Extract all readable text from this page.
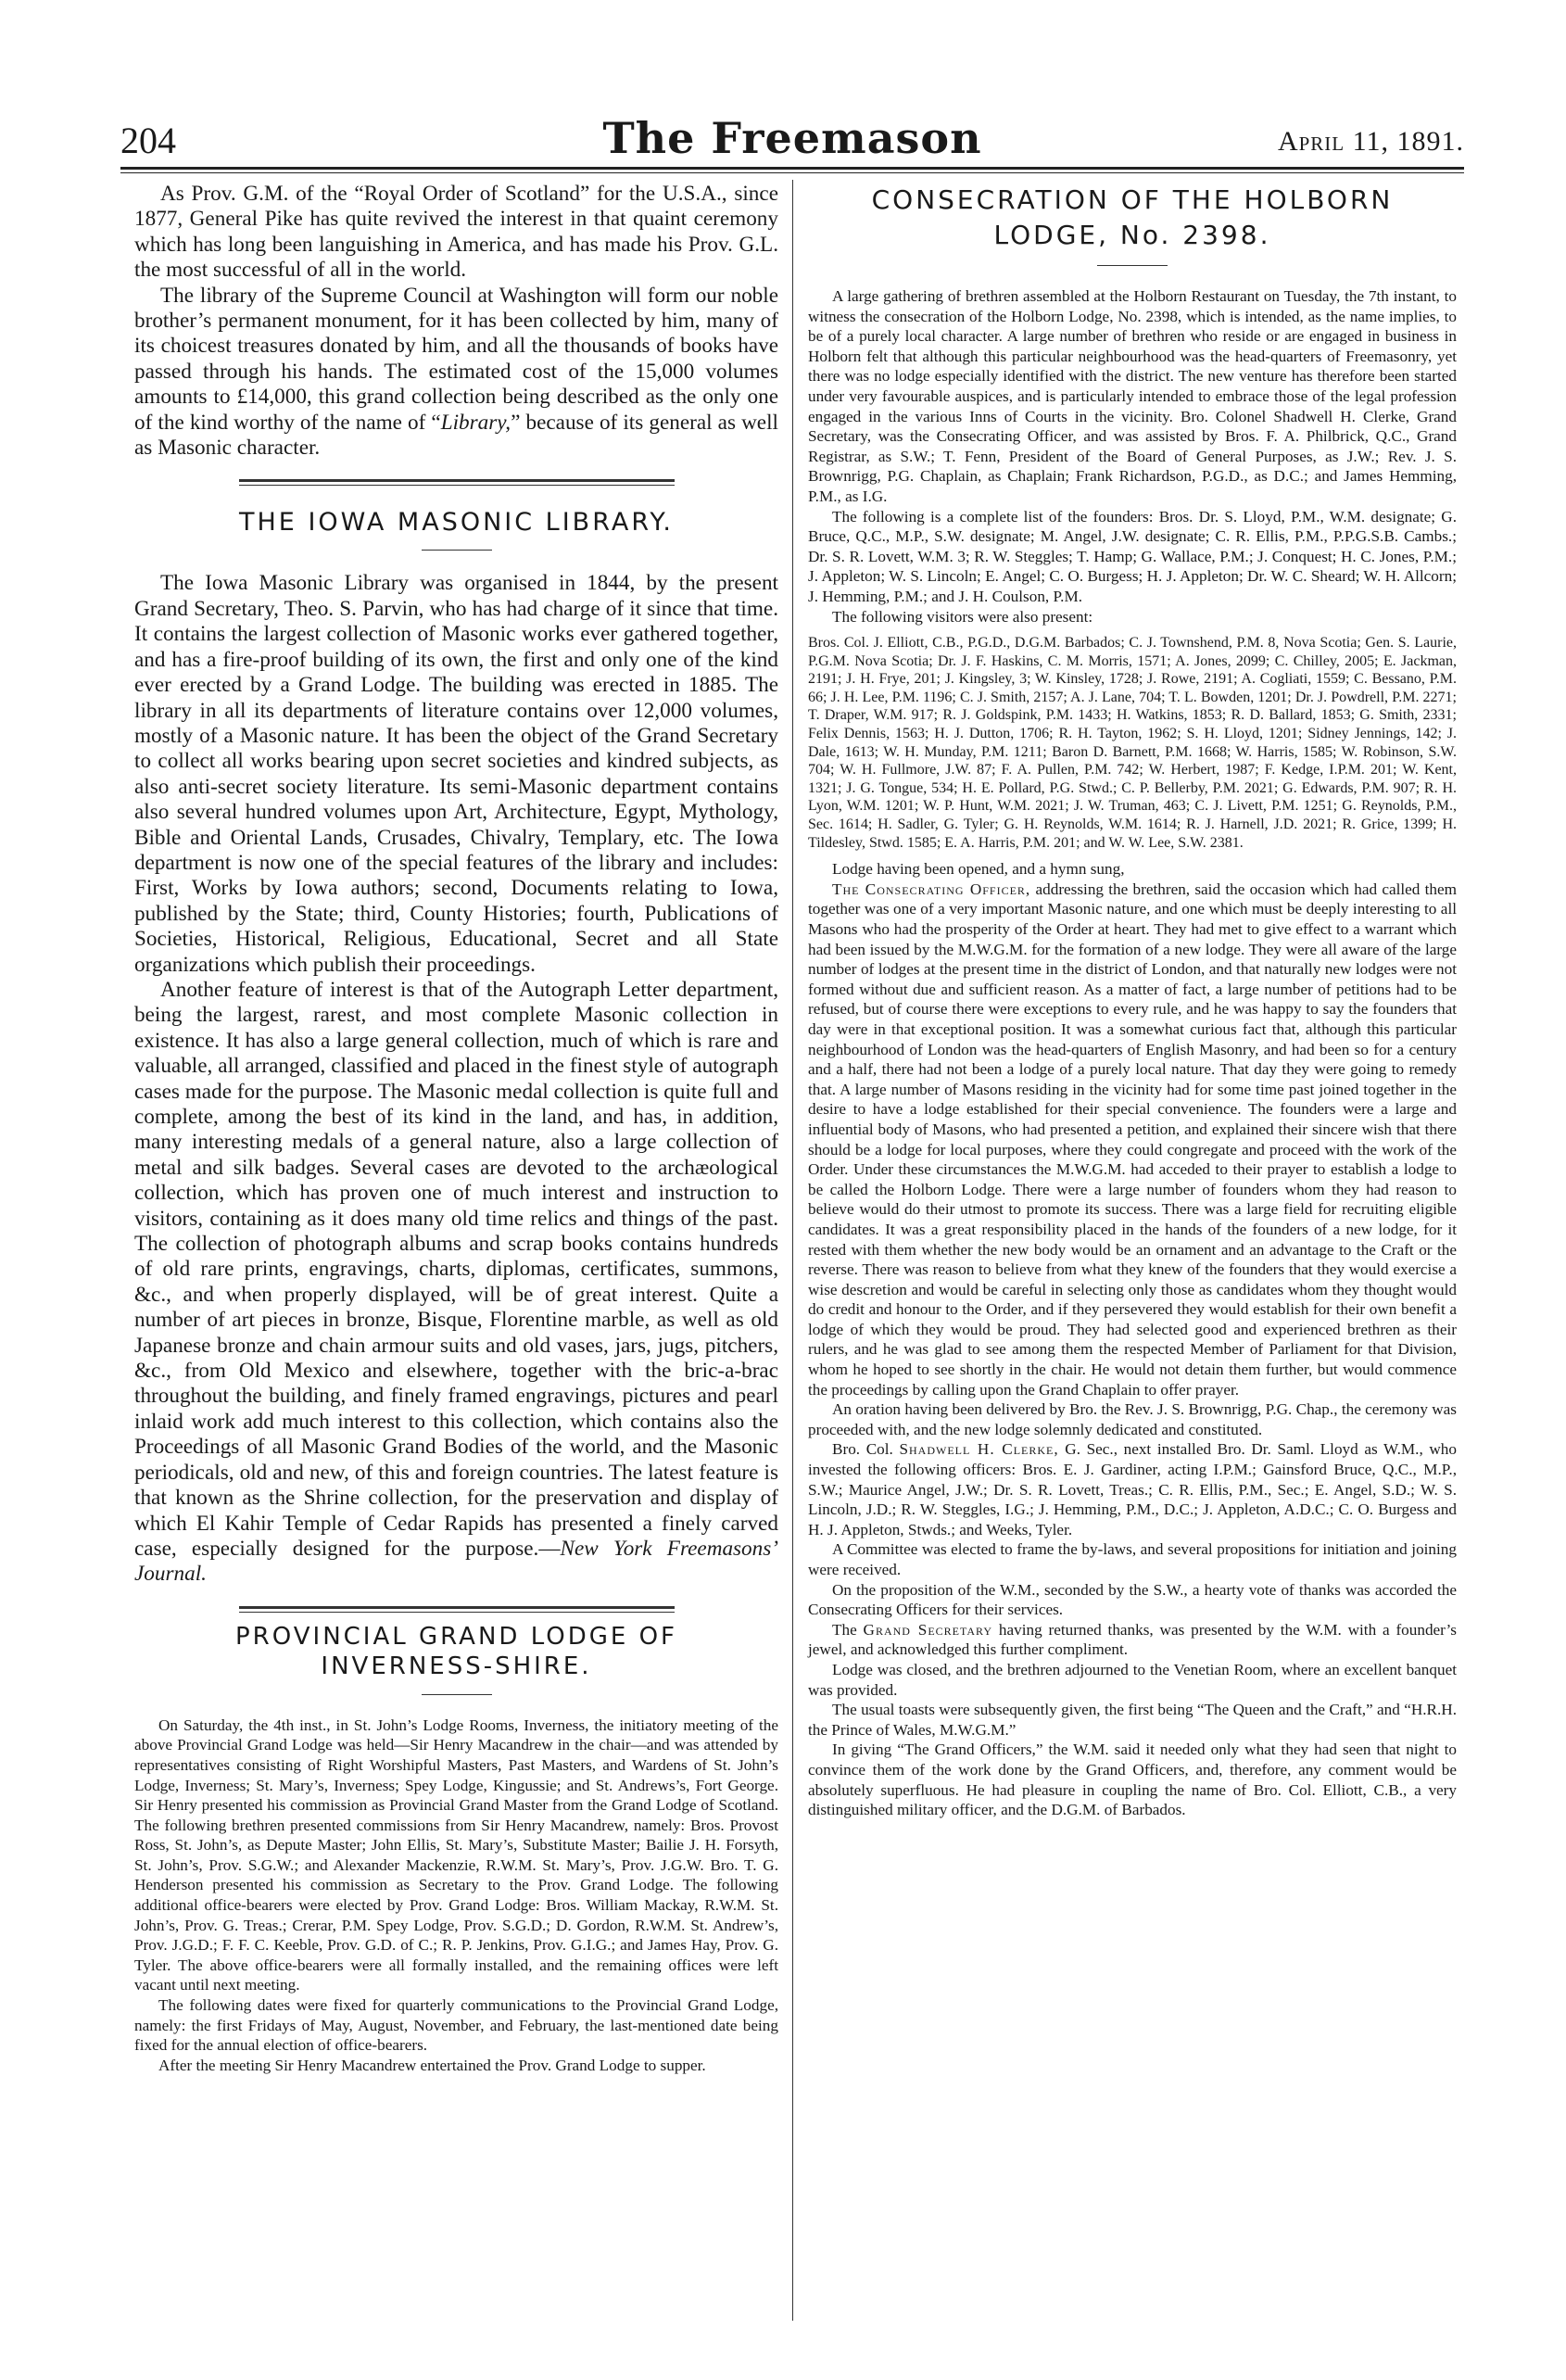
204	The Freemason	April 11, 1891.

As Prov. G.M. of the “Royal Order of Scotland” for the U.S.A., since 1877, General Pike has quite revived the interest in that quaint ceremony which has long been languishing in America, and has made his Prov. G.L. the most successful of all in the world.

The library of the Supreme Council at Washington will form our noble brother’s permanent monument, for it has been collected by him, many of its choicest treasures donated by him, and all the thousands of books have passed through his hands. The estimated cost of the 15,000 volumes amounts to £14,000, this grand collection being described as the only one of the kind worthy of the name of “Library,” because of its general as well as Masonic character.

THE IOWA MASONIC LIBRARY.

The Iowa Masonic Library was organised in 1844, by the present Grand Secretary, Theo. S. Parvin, who has had charge of it since that time. It contains the largest collection of Masonic works ever gathered together, and has a fire-proof building of its own, the first and only one of the kind ever erected by a Grand Lodge. The building was erected in 1885. The library in all its departments of literature contains over 12,000 volumes, mostly of a Masonic nature. It has been the object of the Grand Secretary to collect all works bearing upon secret societies and kindred subjects, as also anti-secret society literature. Its semi-Masonic department contains also several hundred volumes upon Art, Architecture, Egypt, Mythology, Bible and Oriental Lands, Crusades, Chivalry, Templary, etc. The Iowa department is now one of the special features of the library and includes: First, Works by Iowa authors; second, Documents relating to Iowa, published by the State; third, County Histories; fourth, Publications of Societies, Historical, Religious, Educational, Secret and all State organizations which publish their proceedings.

Another feature of interest is that of the Autograph Letter department, being the largest, rarest, and most complete Masonic collection in existence. It has also a large general collection, much of which is rare and valuable, all arranged, classified and placed in the finest style of autograph cases made for the purpose. The Masonic medal collection is quite full and complete, among the best of its kind in the land, and has, in addition, many interesting medals of a general nature, also a large collection of metal and silk badges. Several cases are devoted to the archæological collection, which has proven one of much interest and instruction to visitors, containing as it does many old time relics and things of the past. The collection of photograph albums and scrap books contains hundreds of old rare prints, engravings, charts, diplomas, certificates, summons, &c., and when properly displayed, will be of great interest. Quite a number of art pieces in bronze, Bisque, Florentine marble, as well as old Japanese bronze and chain armour suits and old vases, jars, jugs, pitchers, &c., from Old Mexico and elsewhere, together with the bric-a-brac throughout the building, and finely framed engravings, pictures and pearl inlaid work add much interest to this collection, which contains also the Proceedings of all Masonic Grand Bodies of the world, and the Masonic periodicals, old and new, of this and foreign countries. The latest feature is that known as the Shrine collection, for the preservation and display of which El Kahir Temple of Cedar Rapids has presented a finely carved case, especially designed for the purpose.—New York Freemasons’ Journal.

PROVINCIAL GRAND LODGE OF
INVERNESS-SHIRE.

On Saturday, the 4th inst., in St. John’s Lodge Rooms, Inverness, the initiatory meeting of the above Provincial Grand Lodge was held—Sir Henry Macandrew in the chair—and was attended by representatives consisting of Right Worshipful Masters, Past Masters, and Wardens of St. John’s Lodge, Inverness; St. Mary’s, Inverness; Spey Lodge, Kingussie; and St. Andrews’s, Fort George. Sir Henry presented his commission as Provincial Grand Master from the Grand Lodge of Scotland. The following brethren presented commissions from Sir Henry Macandrew, namely: Bros. Provost Ross, St. John’s, as Depute Master; John Ellis, St. Mary’s, Substitute Master; Bailie J. H. Forsyth, St. John’s, Prov. S.G.W.; and Alexander Mackenzie, R.W.M. St. Mary’s, Prov. J.G.W. Bro. T. G. Henderson presented his commission as Secretary to the Prov. Grand Lodge. The following additional office-bearers were elected by Prov. Grand Lodge: Bros. William Mackay, R.W.M. St. John’s, Prov. G. Treas.; Crerar, P.M. Spey Lodge, Prov. S.G.D.; D. Gordon, R.W.M. St. Andrew’s, Prov. J.G.D.; F. F. C. Keeble, Prov. G.D. of C.; R. P. Jenkins, Prov. G.I.G.; and James Hay, Prov. G. Tyler. The above office-bearers were all formally installed, and the remaining offices were left vacant until next meeting.

The following dates were fixed for quarterly communications to the Provincial Grand Lodge, namely: the first Fridays of May, August, November, and February, the last-mentioned date being fixed for the annual election of office-bearers.

After the meeting Sir Henry Macandrew entertained the Prov. Grand Lodge to supper.

CONSECRATION OF THE HOLBORN
LODGE, No. 2398.

A large gathering of brethren assembled at the Holborn Restaurant on Tuesday, the 7th instant, to witness the consecration of the Holborn Lodge, No. 2398, which is intended, as the name implies, to be of a purely local character. A large number of brethren who reside or are engaged in business in Holborn felt that although this particular neighbourhood was the head-quarters of Freemasonry, yet there was no lodge especially identified with the district. The new venture has therefore been started under very favourable auspices, and is particularly intended to embrace those of the legal profession engaged in the various Inns of Courts in the vicinity. Bro. Colonel Shadwell H. Clerke, Grand Secretary, was the Consecrating Officer, and was assisted by Bros. F. A. Philbrick, Q.C., Grand Registrar, as S.W.; T. Fenn, President of the Board of General Purposes, as J.W.; Rev. J. S. Brownrigg, P.G. Chaplain, as Chaplain; Frank Richardson, P.G.D., as D.C.; and James Hemming, P.M., as I.G.

The following is a complete list of the founders: Bros. Dr. S. Lloyd, P.M., W.M. designate; G. Bruce, Q.C., M.P., S.W. designate; M. Angel, J.W. designate; C. R. Ellis, P.M., P.P.G.S.B. Cambs.; Dr. S. R. Lovett, W.M. 3; R. W. Steggles; T. Hamp; G. Wallace, P.M.; J. Conquest; H. C. Jones, P.M.; J. Appleton; W. S. Lincoln; E. Angel; C. O. Burgess; H. J. Appleton; Dr. W. C. Sheard; W. H. Allcorn; J. Hemming, P.M.; and J. H. Coulson, P.M.

The following visitors were also present:

Bros. Col. J. Elliott, C.B., P.G.D., D.G.M. Barbados; C. J. Townshend, P.M. 8, Nova Scotia; Gen. S. Laurie, P.G.M. Nova Scotia; Dr. J. F. Haskins, C. M. Morris, 1571; A. Jones, 2099; C. Chilley, 2005; E. Jackman, 2191; J. H. Frye, 201; J. Kingsley, 3; W. Kinsley, 1728; J. Rowe, 2191; A. Cogliati, 1559; C. Bessano, P.M. 66; J. H. Lee, P.M. 1196; C. J. Smith, 2157; A. J. Lane, 704; T. L. Bowden, 1201; Dr. J. Powdrell, P.M. 2271; T. Draper, W.M. 917; R. J. Goldspink, P.M. 1433; H. Watkins, 1853; R. D. Ballard, 1853; G. Smith, 2331; Felix Dennis, 1563; H. J. Dutton, 1706; R. H. Tayton, 1962; S. H. Lloyd, 1201; Sidney Jennings, 142; J. Dale, 1613; W. H. Munday, P.M. 1211; Baron D. Barnett, P.M. 1668; W. Harris, 1585; W. Robinson, S.W. 704; W. H. Fullmore, J.W. 87; F. A. Pullen, P.M. 742; W. Herbert, 1987; F. Kedge, I.P.M. 201; W. Kent, 1321; J. G. Tongue, 534; H. E. Pollard, P.G. Stwd.; C. P. Bellerby, P.M. 2021; G. Edwards, P.M. 907; R. H. Lyon, W.M. 1201; W. P. Hunt, W.M. 2021; J. W. Truman, 463; C. J. Livett, P.M. 1251; G. Reynolds, P.M., Sec. 1614; H. Sadler, G. Tyler; G. H. Reynolds, W.M. 1614; R. J. Harnell, J.D. 2021; R. Grice, 1399; H. Tildesley, Stwd. 1585; E. A. Harris, P.M. 201; and W. W. Lee, S.W. 2381.

Lodge having been opened, and a hymn sung,

The Consecrating Officer, addressing the brethren, said the occasion which had called them together was one of a very important Masonic nature, and one which must be deeply interesting to all Masons who had the prosperity of the Order at heart. They had met to give effect to a warrant which had been issued by the M.W.G.M. for the formation of a new lodge. They were all aware of the large number of lodges at the present time in the district of London, and that naturally new lodges were not formed without due and sufficient reason. As a matter of fact, a large number of petitions had to be refused, but of course there were exceptions to every rule, and he was happy to say the founders that day were in that exceptional position. It was a somewhat curious fact that, although this particular neighbourhood of London was the head-quarters of English Masonry, and had been so for a century and a half, there had not been a lodge of a purely local nature. That day they were going to remedy that. A large number of Masons residing in the vicinity had for some time past joined together in the desire to have a lodge established for their special convenience. The founders were a large and influential body of Masons, who had presented a petition, and explained their sincere wish that there should be a lodge for local purposes, where they could congregate and proceed with the work of the Order. Under these circumstances the M.W.G.M. had acceded to their prayer to establish a lodge to be called the Holborn Lodge. There were a large number of founders whom they had reason to believe would do their utmost to promote its success. There was a large field for recruiting eligible candidates. It was a great responsibility placed in the hands of the founders of a new lodge, for it rested with them whether the new body would be an ornament and an advantage to the Craft or the reverse. There was reason to believe from what they knew of the founders that they would exercise a wise descretion and would be careful in selecting only those as candidates whom they thought would do credit and honour to the Order, and if they persevered they would establish for their own benefit a lodge of which they would be proud. They had selected good and experienced brethren as their rulers, and he was glad to see among them the respected Member of Parliament for that Division, whom he hoped to see shortly in the chair. He would not detain them further, but would commence the proceedings by calling upon the Grand Chaplain to offer prayer.

An oration having been delivered by Bro. the Rev. J. S. Brownrigg, P.G. Chap., the ceremony was proceeded with, and the new lodge solemnly dedicated and constituted.

Bro. Col. Shadwell H. Clerke, G. Sec., next installed Bro. Dr. Saml. Lloyd as W.M., who invested the following officers: Bros. E. J. Gardiner, acting I.P.M.; Gainsford Bruce, Q.C., M.P., S.W.; Maurice Angel, J.W.; Dr. S. R. Lovett, Treas.; C. R. Ellis, P.M., Sec.; E. Angel, S.D.; W. S. Lincoln, J.D.; R. W. Steggles, I.G.; J. Hemming, P.M., D.C.; J. Appleton, A.D.C.; C. O. Burgess and H. J. Appleton, Stwds.; and Weeks, Tyler.

A Committee was elected to frame the by-laws, and several propositions for initiation and joining were received.

On the proposition of the W.M., seconded by the S.W., a hearty vote of thanks was accorded the Consecrating Officers for their services.

The Grand Secretary having returned thanks, was presented by the W.M. with a founder’s jewel, and acknowledged this further compliment.

Lodge was closed, and the brethren adjourned to the Venetian Room, where an excellent banquet was provided.

The usual toasts were subsequently given, the first being “The Queen and the Craft,” and “H.R.H. the Prince of Wales, M.W.G.M.”

In giving “The Grand Officers,” the W.M. said it needed only what they had seen that night to convince them of the work done by the Grand Officers, and, therefore, any comment would be absolutely superfluous. He had pleasure in coupling the name of Bro. Col. Elliott, C.B., a very distinguished military officer, and the D.G.M. of Barbados.
